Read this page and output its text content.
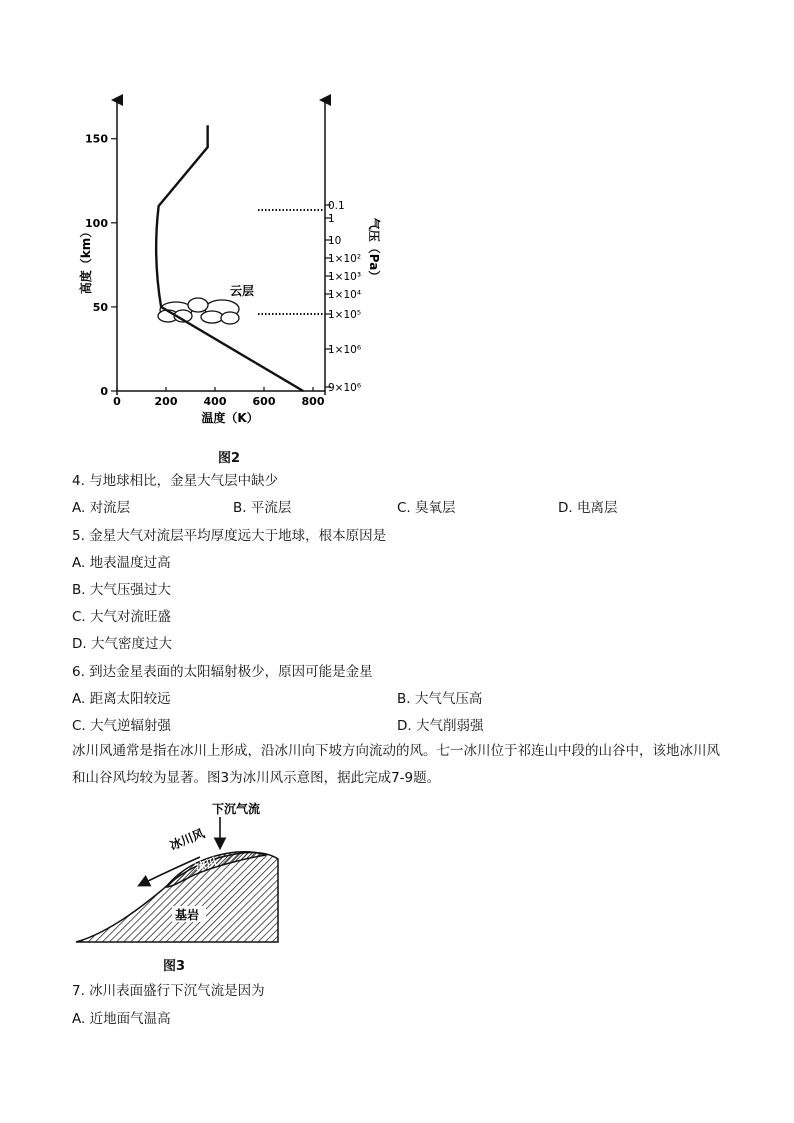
0	200 400 600 800
0
50
100
150
0.1
1
10
1×10²
1×10³
1×10⁴
1×10⁵
1×10⁶
9×10⁶
云层
高度（km）	气压（Pa）
温度（K）
图2
4. 与地球相比，金星大气层中缺少
A. 对流层	B. 平流层	C. 臭氧层	D. 电离层
5. 金星大气对流层平均厚度远大于地球，根本原因是
A. 地表温度过高
B. 大气压强过大
C. 大气对流旺盛
D. 大气密度过大
6. 到达金星表面的太阳辐射极少，原因可能是金星
A. 距离太阳较远	B. 大气气压高
C. 大气逆辐射强	D. 大气削弱强
冰川风通常是指在冰川上形成，沿冰川向下坡方向流动的风。七一冰川位于祁连山中段的山谷中，该地冰川风和山谷风均较为显著。图3为冰川风示意图，据此完成7-9题。
下沉气流
冰川风
冰川
基岩
图3
7. 冰川表面盛行下沉气流是因为
A. 近地面气温高
